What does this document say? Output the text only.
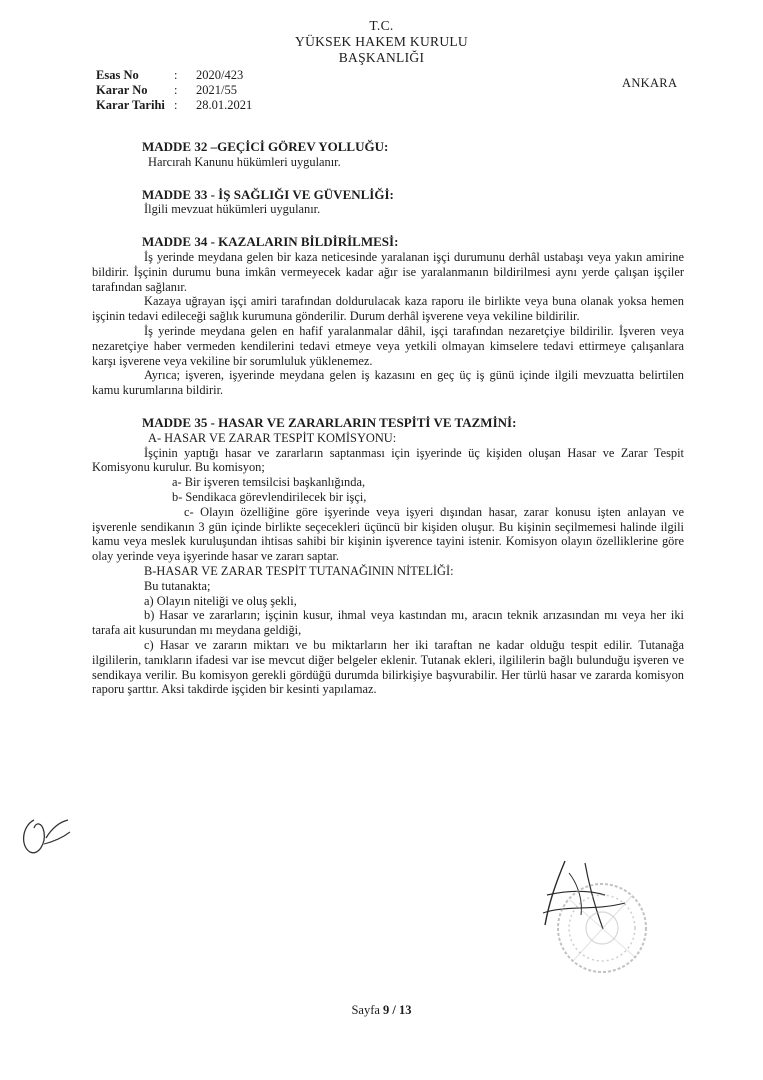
T.C.
YÜKSEK HAKEM KURULU
BAŞKANLIĞI
Esas No	:	2020/423
Karar No	:	2021/55
Karar Tarihi :	28.01.2021
ANKARA
MADDE 32 –GEÇİCİ GÖREV YOLLUĞU:

Harcırah Kanunu hükümleri uygulanır.

MADDE 33 - İŞ SAĞLIĞI VE GÜVENLİĞİ:

İlgili mevzuat hükümleri uygulanır.

MADDE 34 - KAZALARIN BİLDİRİLMESİ:

İş yerinde meydana gelen bir kaza neticesinde yaralanan işçi durumunu derhâl ustabaşı veya yakın amirine bildirir. İşçinin durumu buna imkân vermeyecek kadar ağır ise yaralanmanın bildirilmesi aynı yerde çalışan işçiler tarafından sağlanır.

Kazaya uğrayan işçi amiri tarafından doldurulacak kaza raporu ile birlikte veya buna olanak yoksa hemen işçinin tedavi edileceği sağlık kurumuna gönderilir. Durum derhâl işverene veya vekiline bildirilir.

İş yerinde meydana gelen en hafif yaralanmalar dâhil, işçi tarafından nezaretçiye bildirilir. İşveren veya nezaretçiye haber vermeden kendilerini tedavi etmeye veya yetkili olmayan kimselere tedavi ettirmeye çalışanlara karşı işverene veya vekiline bir sorumluluk yüklenemez.

Ayrıca; işveren, işyerinde meydana gelen iş kazasını en geç üç iş günü içinde ilgili mevzuatta belirtilen kamu kurumlarına bildirir.

MADDE 35 - HASAR VE ZARARLARIN TESPİTİ VE TAZMİNİ:

A- HASAR VE ZARAR TESPİT KOMİSYONU:

İşçinin yaptığı hasar ve zararların saptanması için işyerinde üç kişiden oluşan Hasar ve Zarar Tespit Komisyonu kurulur. Bu komisyon;

a- Bir işveren temsilcisi başkanlığında,

b- Sendikaca görevlendirilecek bir işçi,

c- Olayın özelliğine göre işyerinde veya işyeri dışından hasar, zarar konusu işten anlayan ve işverenle sendikanın 3 gün içinde birlikte seçecekleri üçüncü bir kişiden oluşur. Bu kişinin seçilmemesi halinde ilgili kamu veya meslek kuruluşundan ihtisas sahibi bir kişinin işverence tayini istenir. Komisyon olayın özelliklerine göre olay yerinde veya işyerinde hasar ve zararı saptar.

B-HASAR VE ZARAR TESPİT TUTANAĞININ NİTELİĞİ:

Bu tutanakta;

a) Olayın niteliği ve oluş şekli,

b) Hasar ve zararların; işçinin kusur, ihmal veya kastından mı, aracın teknik arızasından mı veya her iki tarafa ait kusurundan mı meydana geldiği,

c) Hasar ve zararın miktarı ve bu miktarların her iki taraftan ne kadar olduğu tespit edilir. Tutanağa ilgililerin, tanıkların ifadesi var ise mevcut diğer belgeler eklenir. Tutanak ekleri, ilgililerin bağlı bulunduğu işveren ve sendikaya verilir. Bu komisyon gerekli gördüğü durumda bilirkişiye başvurabilir. Her türlü hasar ve zararda komisyon raporu şarttır. Aksi takdirde işçiden bir kesinti yapılamaz.

Sayfa 9 / 13
